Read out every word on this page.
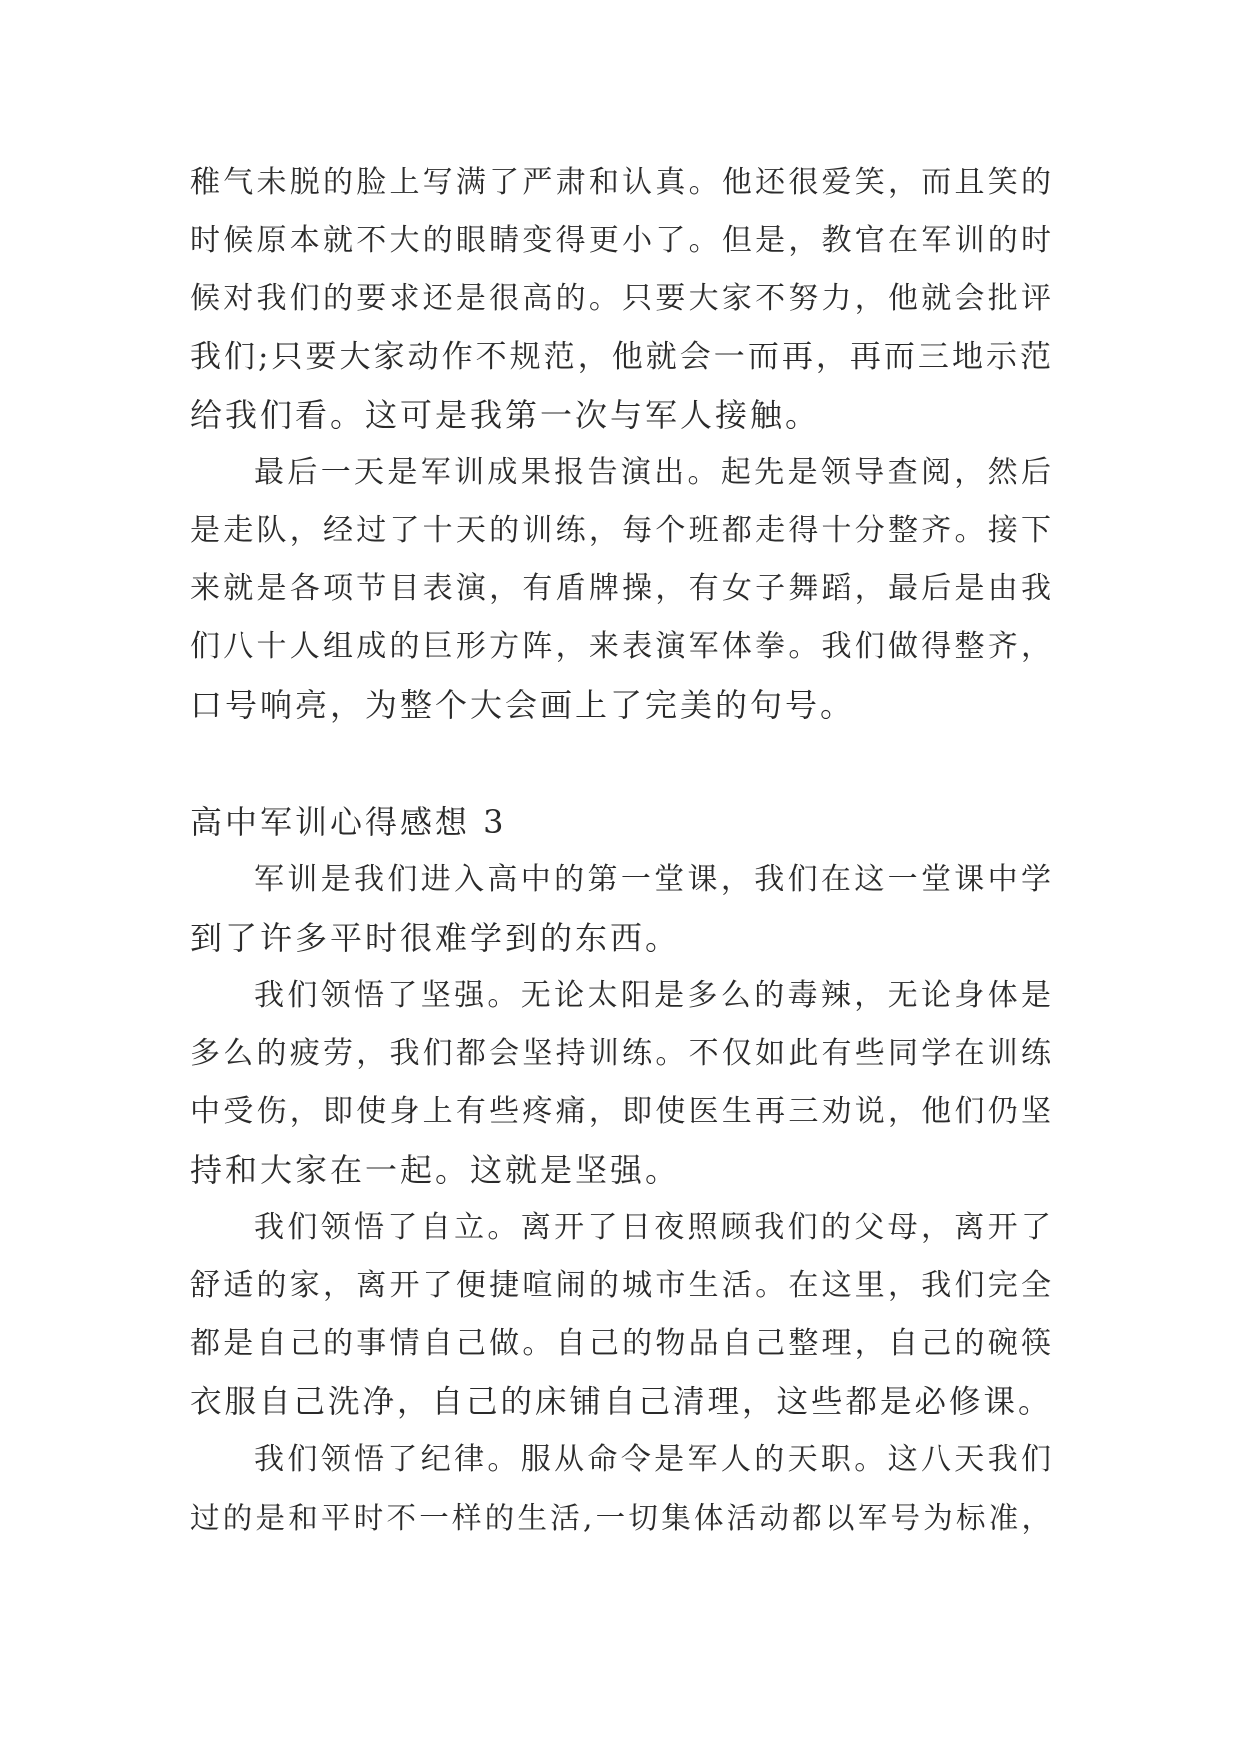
稚气未脱的脸上写满了严肃和认真。他还很爱笑，而且笑的
时候原本就不大的眼睛变得更小了。但是，教官在军训的时
候对我们的要求还是很高的。只要大家不努力，他就会批评
我们;只要大家动作不规范，他就会一而再，再而三地示范
给我们看。这可是我第一次与军人接触。
最后一天是军训成果报告演出。起先是领导查阅，然后
是走队，经过了十天的训练，每个班都走得十分整齐。接下
来就是各项节目表演，有盾牌操，有女子舞蹈，最后是由我
们八十人组成的巨形方阵，来表演军体拳。我们做得整齐，
口号响亮，为整个大会画上了完美的句号。
高中军训心得感想 3
军训是我们进入高中的第一堂课，我们在这一堂课中学
到了许多平时很难学到的东西。
我们领悟了坚强。无论太阳是多么的毒辣，无论身体是
多么的疲劳，我们都会坚持训练。不仅如此有些同学在训练
中受伤，即使身上有些疼痛，即使医生再三劝说，他们仍坚
持和大家在一起。这就是坚强。
我们领悟了自立。离开了日夜照顾我们的父母，离开了
舒适的家，离开了便捷喧闹的城市生活。在这里，我们完全
都是自己的事情自己做。自己的物品自己整理，自己的碗筷
衣服自己洗净，自己的床铺自己清理，这些都是必修课。
我们领悟了纪律。服从命令是军人的天职。这八天我们
过的是和平时不一样的生活,一切集体活动都以军号为标准，
